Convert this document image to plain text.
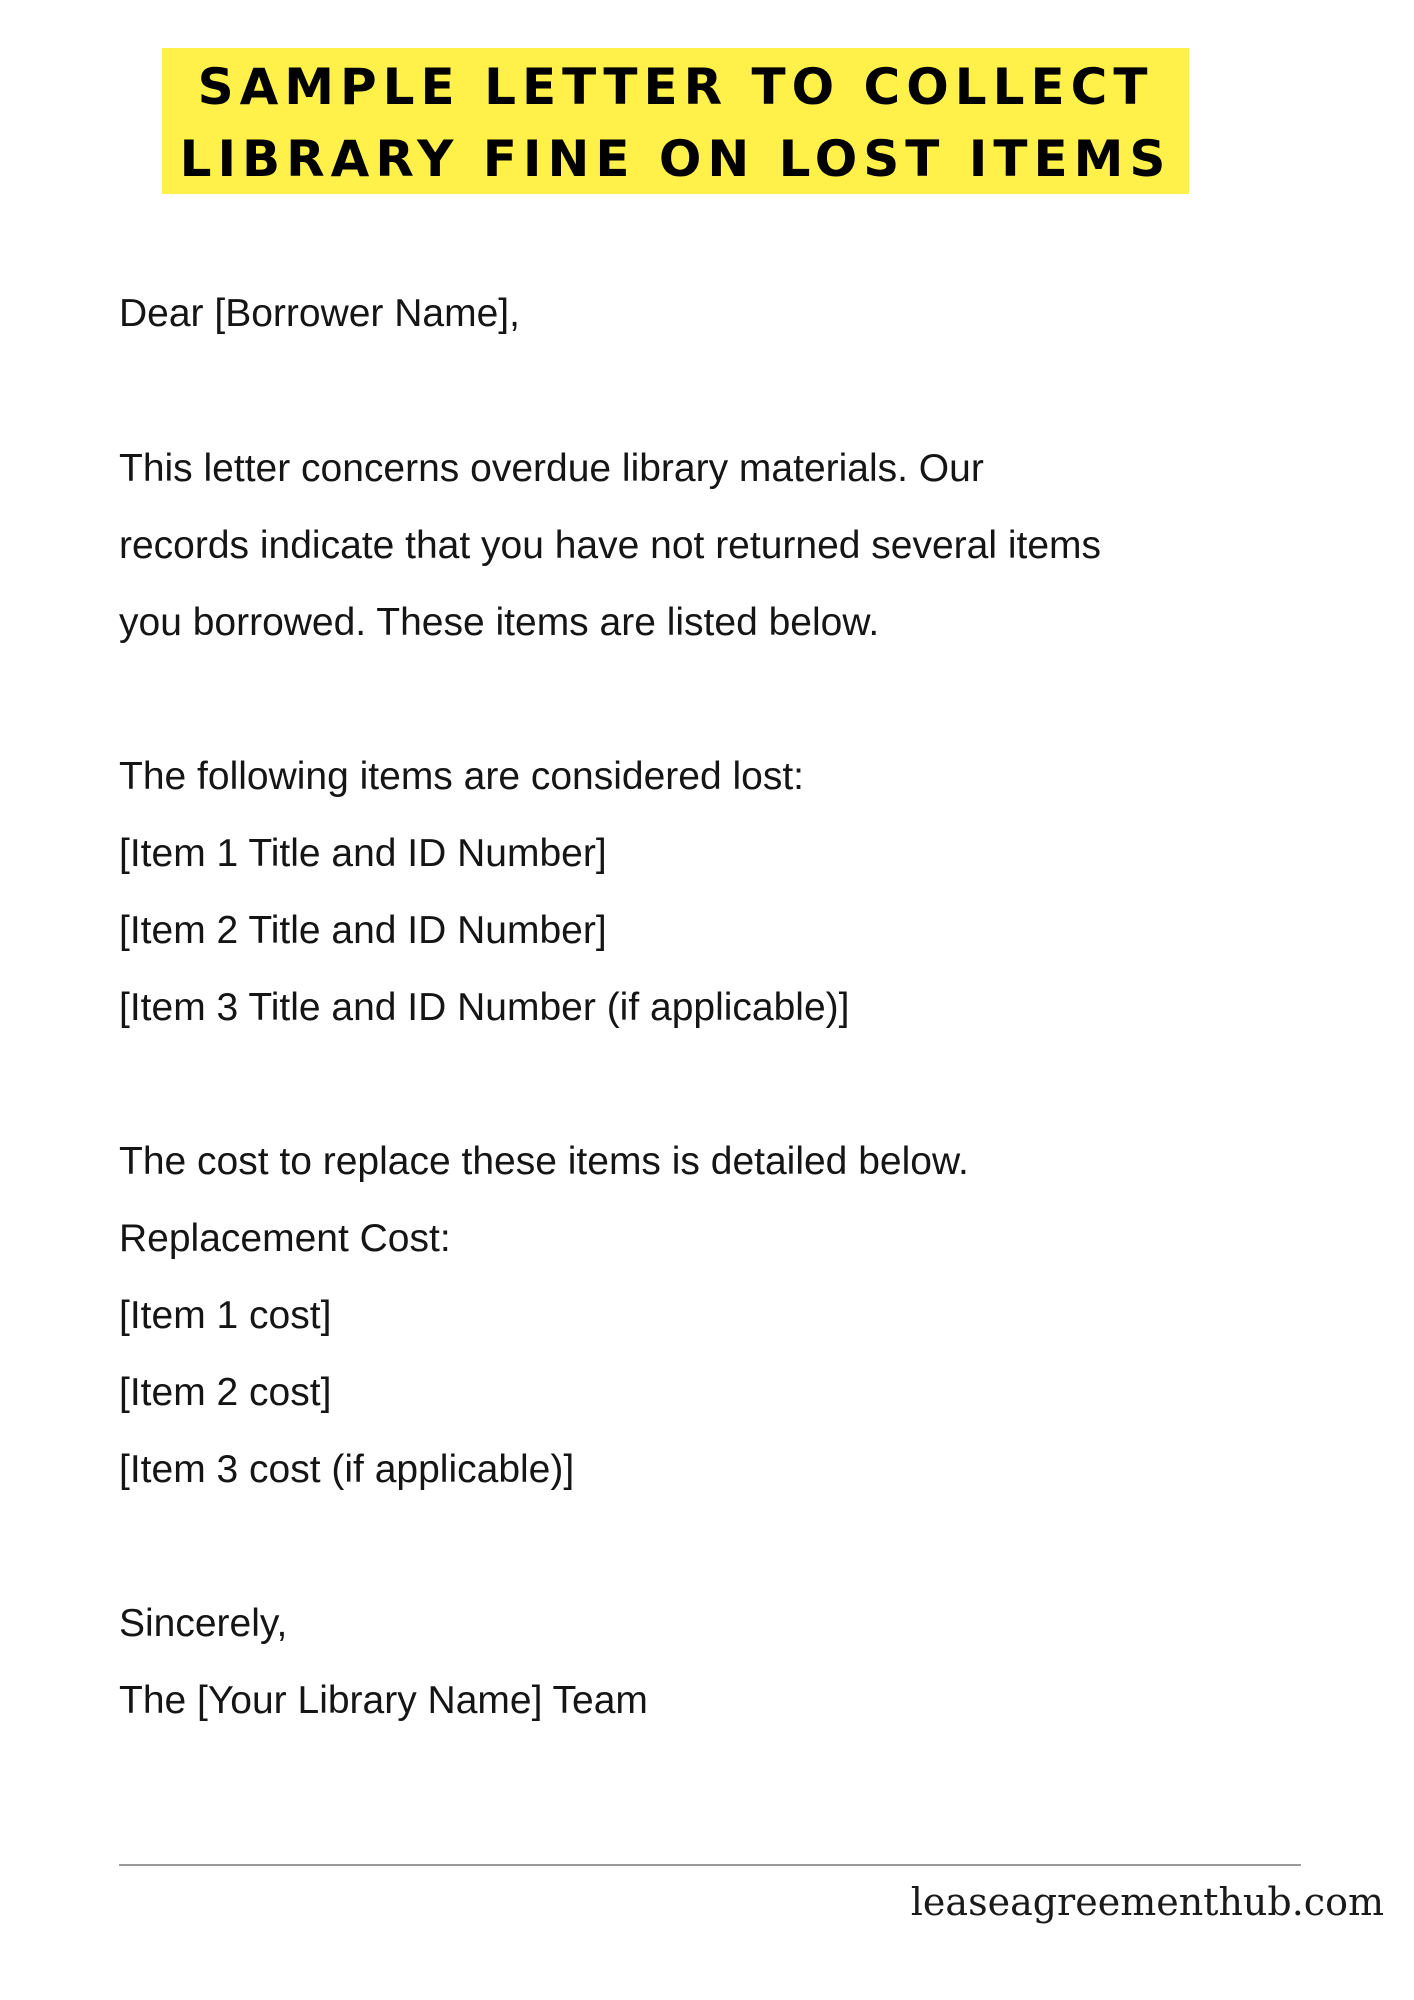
SAMPLE LETTER TO COLLECT
LIBRARY FINE ON LOST ITEMS
Dear [Borrower Name],
This letter concerns overdue library materials. Our
records indicate that you have not returned several items
you borrowed. These items are listed below.
The following items are considered lost:
[Item 1 Title and ID Number]
[Item 2 Title and ID Number]
[Item 3 Title and ID Number (if applicable)]
The cost to replace these items is detailed below.
Replacement Cost:
[Item 1 cost]
[Item 2 cost]
[Item 3 cost (if applicable)]
Sincerely,
The [Your Library Name] Team
leaseagreementhub.com
